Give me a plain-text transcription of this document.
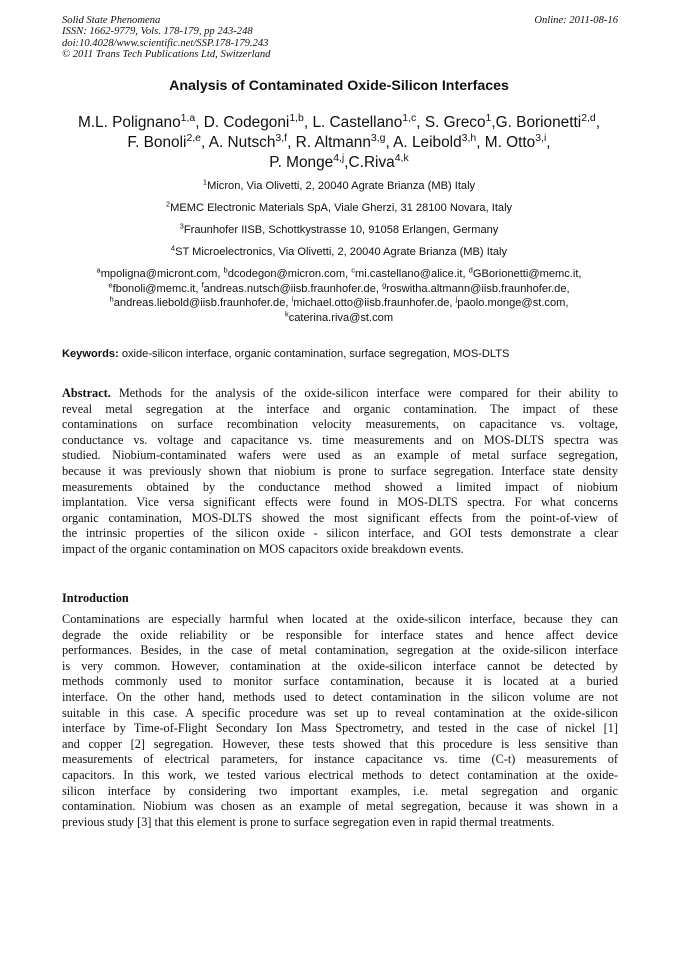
Solid State Phenomena
ISSN: 1662-9779, Vols. 178-179, pp 243-248
doi:10.4028/www.scientific.net/SSP.178-179.243
© 2011 Trans Tech Publications Ltd, Switzerland
Online: 2011-08-16
Analysis of Contaminated Oxide-Silicon Interfaces
M.L. Polignano$^{1,a}$, D. Codegoni$^{1,b}$, L. Castellano$^{1,c}$, S. Greco$^1$,G. Borionetti$^{2,d}$,
F. Bonoli$^{2,e}$, A. Nutsch$^{3,f}$, R. Altmann$^{3,g}$, A. Leibold$^{3,h}$, M. Otto$^{3,i}$,
P. Monge$^{4,j}$,C.Riva$^{4,k}$
$^1$Micron, Via Olivetti, 2, 20040 Agrate Brianza (MB) Italy
$^2$MEMC Electronic Materials SpA, Viale Gherzi, 31 28100 Novara, Italy
$^3$Fraunhofer IISB, Schottkystrasse 10, 91058 Erlangen, Germany
$^4$ST Microelectronics, Via Olivetti, 2, 20040 Agrate Brianza (MB) Italy
$^a$mpoligna@micront.com, $^b$dcodegon@micron.com, $^c$mi.castellano@alice.it, $^d$GBorionetti@memc.it,
$^e$fbonoli@memc.it, $^f$andreas.nutsch@iisb.fraunhofer.de, $^g$roswitha.altmann@iisb.fraunhofer.de,
$^h$andreas.liebold@iisb.fraunhofer.de, $^i$michael.otto@iisb.fraunhofer.de, $^j$paolo.monge@st.com,
$^k$caterina.riva@st.com
Keywords: oxide-silicon interface, organic contamination, surface segregation, MOS-DLTS
Abstract. Methods for the analysis of the oxide-silicon interface were compared for their ability to
reveal metal segregation at the interface and organic contamination. The impact of these
contaminations on surface recombination velocity measurements, on capacitance vs. voltage,
conductance vs. voltage and capacitance vs. time measurements and on MOS-DLTS spectra was
studied. Niobium-contaminated wafers were used as an example of metal surface segregation,
because it was previously shown that niobium is prone to surface segregation. Interface state density
measurements obtained by the conductance method showed a limited impact of niobium
implantation. Vice versa significant effects were found in MOS-DLTS spectra. For what concerns
organic contamination, MOS-DLTS showed the most significant effects from the point-of-view of
the intrinsic properties of the silicon oxide - silicon interface, and GOI tests demonstrate a clear
impact of the organic contamination on MOS capacitors oxide breakdown events.
Introduction
Contaminations are especially harmful when located at the oxide-silicon interface, because they can
degrade the oxide reliability or be responsible for interface states and hence affect device
performances. Besides, in the case of metal contamination, segregation at the oxide-silicon interface
is very common. However, contamination at the oxide-silicon interface cannot be detected by
methods commonly used to monitor surface contamination, because it is located at a buried
interface. On the other hand, methods used to detect contamination in the silicon volume are not
suitable in this case. A specific procedure was set up to reveal contamination at the oxide-silicon
interface by Time-of-Flight Secondary Ion Mass Spectrometry, and tested in the case of nickel [1]
and copper [2] segregation. However, these tests showed that this procedure is less sensitive than
measurements of electrical parameters, for instance capacitance vs. time (C-t) measurements of
capacitors. In this work, we tested various electrical methods to detect contamination at the oxide-
silicon interface by considering two important examples, i.e. metal segregation and organic
contamination. Niobium was chosen as an example of metal segregation, because it was shown in a
previous study [3] that this element is prone to surface segregation even in rapid thermal treatments.
